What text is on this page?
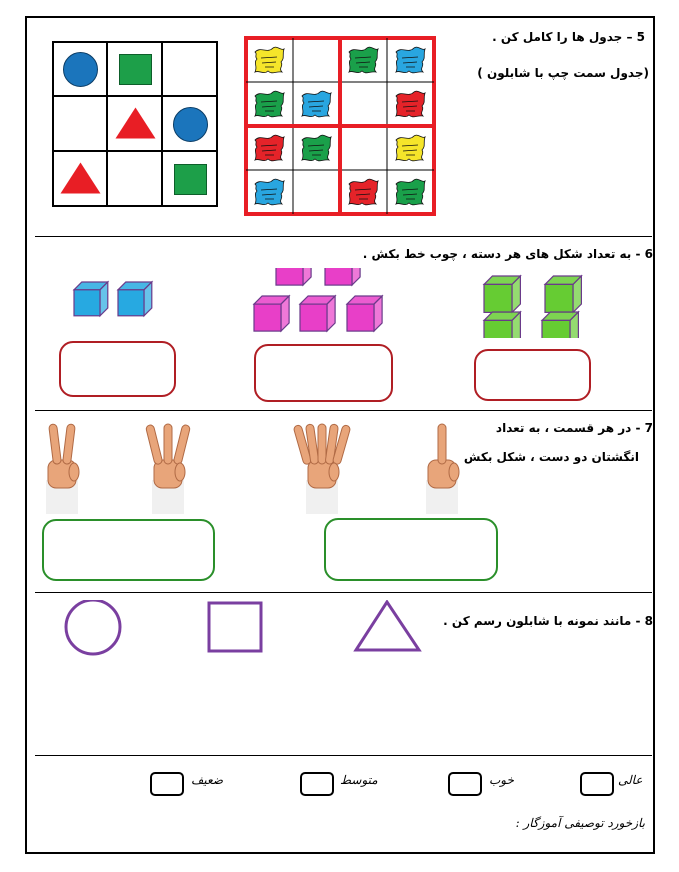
5 – جدول ها را کامل کن .
(جدول سمت چپ با شابلون )
6 - به تعداد شکل های هر دسته ، چوب خط بکش .
7 - در هر قسمت ، به تعداد
انگشتان دو دست ، شکل بکش
8 - مانند نمونه با شابلون رسم کن .
عالی
خوب
متوسط
ضعیف
بازخورد توصیفی آموزگار :
